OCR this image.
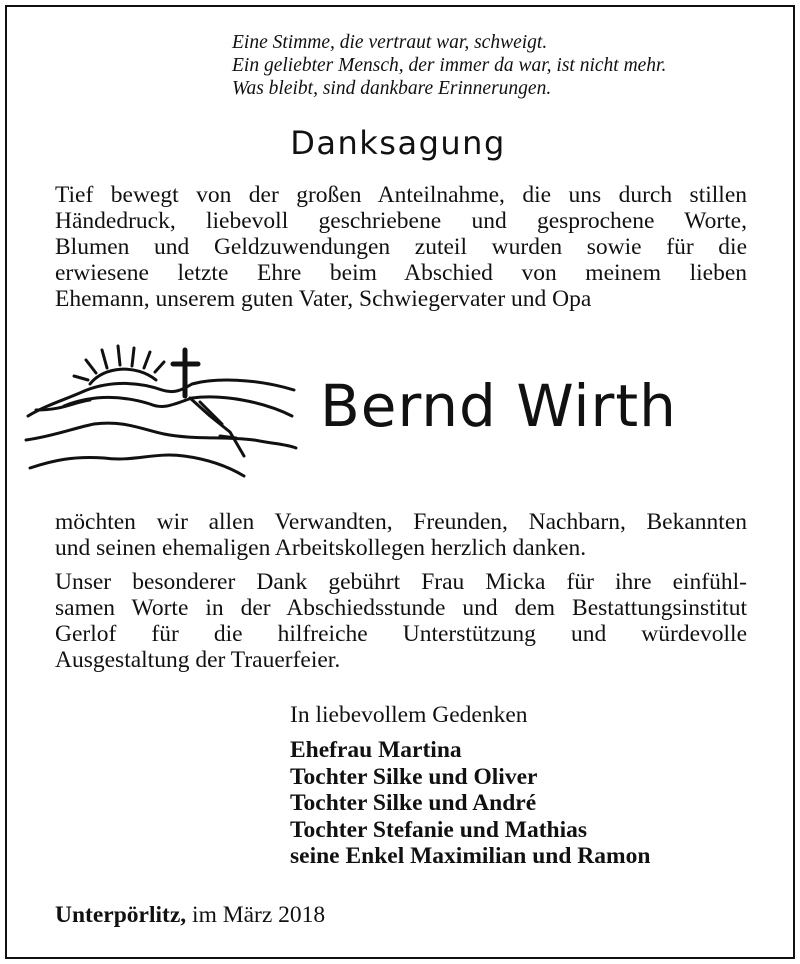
Eine Stimme, die vertraut war, schweigt.
Ein geliebter Mensch, der immer da war, ist nicht mehr.
Was bleibt, sind dankbare Erinnerungen.
Danksagung
Tief bewegt von der großen Anteilnahme, die uns durch stillen
Händedruck, liebevoll geschriebene und gesprochene Worte,
Blumen und Geldzuwendungen zuteil wurden sowie für die
erwiesene letzte Ehre beim Abschied von meinem lieben
Ehemann, unserem guten Vater, Schwiegervater und Opa
Bernd Wirth
möchten wir allen Verwandten, Freunden, Nachbarn, Bekannten
und seinen ehemaligen Arbeitskollegen herzlich danken.
Unser besonderer Dank gebührt Frau Micka für ihre einfühl-
samen Worte in der Abschiedsstunde und dem Bestattungsinstitut
Gerlof für die hilfreiche Unterstützung und würdevolle
Ausgestaltung der Trauerfeier.
In liebevollem Gedenken
Ehefrau Martina
Tochter Silke und Oliver
Tochter Silke und André
Tochter Stefanie und Mathias
seine Enkel Maximilian und Ramon
Unterpörlitz, im März 2018
